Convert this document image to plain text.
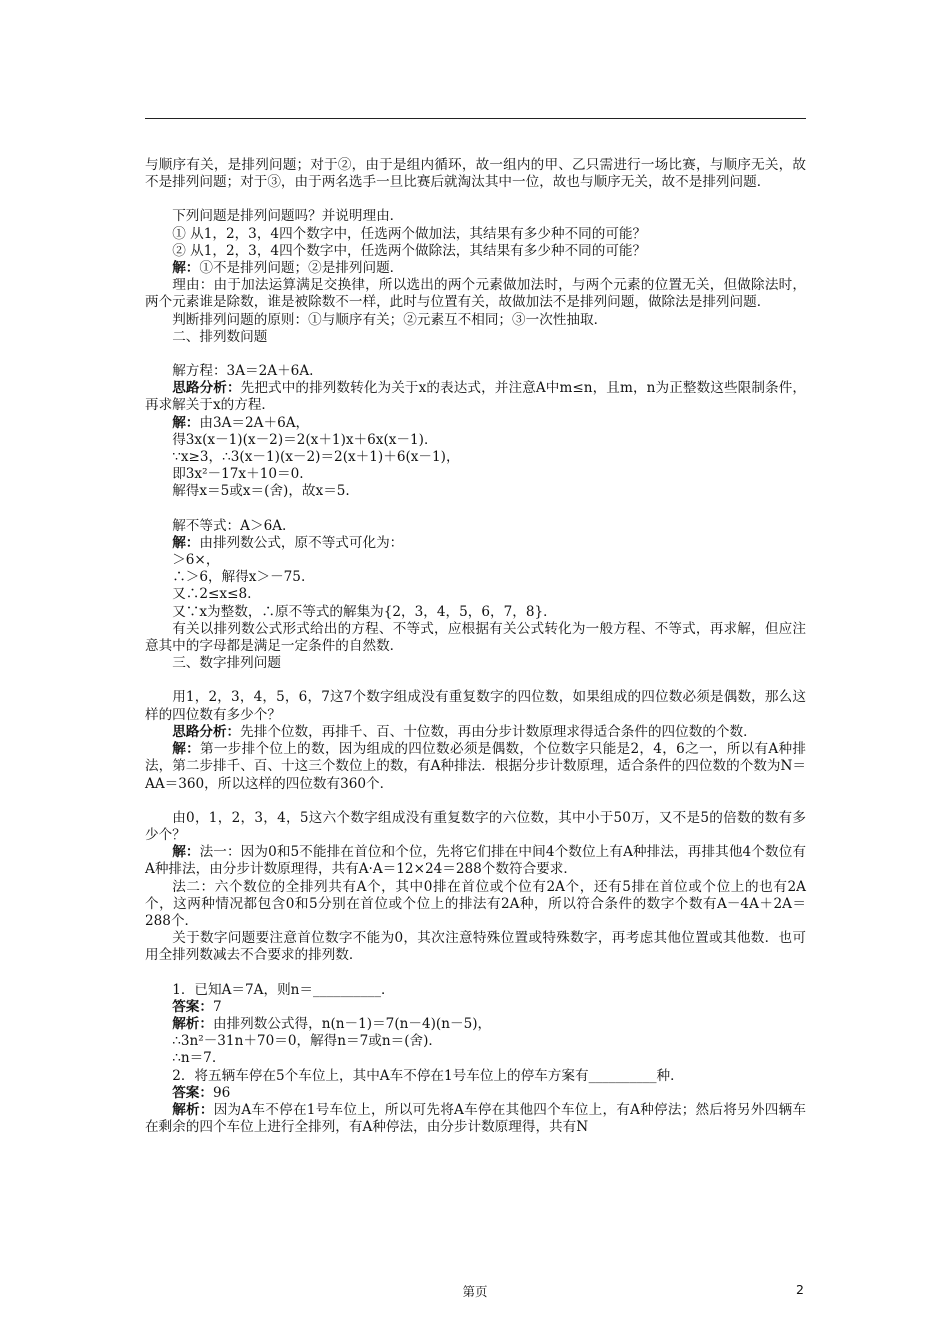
与顺序有关，是排列问题；对于②，由于是组内循环，故一组内的甲、乙只需进行一场比赛，与顺序无关，故不是排列问题；对于③，由于两名选手一旦比赛后就淘汰其中一位，故也与顺序无关，故不是排列问题．

下列问题是排列问题吗？并说明理由．

① 从1，2，3，4四个数字中，任选两个做加法，其结果有多少种不同的可能？

② 从1，2，3，4四个数字中，任选两个做除法，其结果有多少种不同的可能？

解：①不是排列问题；②是排列问题．

理由：由于加法运算满足交换律，所以选出的两个元素做加法时，与两个元素的位置无关，但做除法时，两个元素谁是除数，谁是被除数不一样，此时与位置有关，故做加法不是排列问题，做除法是排列问题．

判断排列问题的原则：①与顺序有关；②元素互不相同；③一次性抽取．

二、排列数问题

解方程：3A＝2A＋6A.

思路分析：先把式中的排列数转化为关于x的表达式，并注意A中m≤n，且m，n为正整数这些限制条件，再求解关于x的方程．

解：由3A＝2A＋6A，

得3x(x－1)(x－2)＝2(x＋1)x＋6x(x－1)．

∵x≥3，∴3(x－1)(x－2)＝2(x＋1)＋6(x－1)，

即3x²－17x＋10＝0.

解得x＝5或x＝(舍)，故x＝5.

解不等式：A＞6A.

解：由排列数公式，原不等式可化为：

＞6×，

∴＞6，解得x＞－75.

又∴2≤x≤8.

又∵x为整数，∴原不等式的解集为{2，3，4，5，6，7，8}．

有关以排列数公式形式给出的方程、不等式，应根据有关公式转化为一般方程、不等式，再求解，但应注意其中的字母都是满足一定条件的自然数．

三、数字排列问题

用1，2，3，4，5，6，7这7个数字组成没有重复数字的四位数，如果组成的四位数必须是偶数，那么这样的四位数有多少个？

思路分析：先排个位数，再排千、百、十位数，再由分步计数原理求得适合条件的四位数的个数．

解：第一步排个位上的数，因为组成的四位数必须是偶数，个位数字只能是2，4，6之一，所以有A种排法，第二步排千、百、十这三个数位上的数，有A种排法．根据分步计数原理，适合条件的四位数的个数为N＝AA＝360，所以这样的四位数有360个．

由0，1，2，3，4，5这六个数字组成没有重复数字的六位数，其中小于50万，又不是5的倍数的数有多少个？

解：法一：因为0和5不能排在首位和个位，先将它们排在中间4个数位上有A种排法，再排其他4个数位有A种排法，由分步计数原理得，共有A·A＝12×24＝288个数符合要求．

法二：六个数位的全排列共有A个，其中0排在首位或个位有2A个，还有5排在首位或个位上的也有2A个，这两种情况都包含0和5分别在首位或个位上的排法有2A种，所以符合条件的数字个数有A－4A＋2A＝288个．

关于数字问题要注意首位数字不能为0，其次注意特殊位置或特殊数字，再考虑其他位置或其他数．也可用全排列数减去不合要求的排列数．

1．已知A＝7A，则n＝__________．

答案：7

解析：由排列数公式得，n(n－1)＝7(n－4)(n－5)，

∴3n²－31n＋70＝0，解得n＝7或n＝(舍)．

∴n＝7.

2．将五辆车停在5个车位上，其中A车不停在1号车位上的停车方案有__________种．

答案：96

解析：因为A车不停在1号车位上，所以可先将A车停在其他四个车位上，有A种停法；然后将另外四辆车在剩余的四个车位上进行全排列，有A种停法，由分步计数原理得，共有N

第页	2
